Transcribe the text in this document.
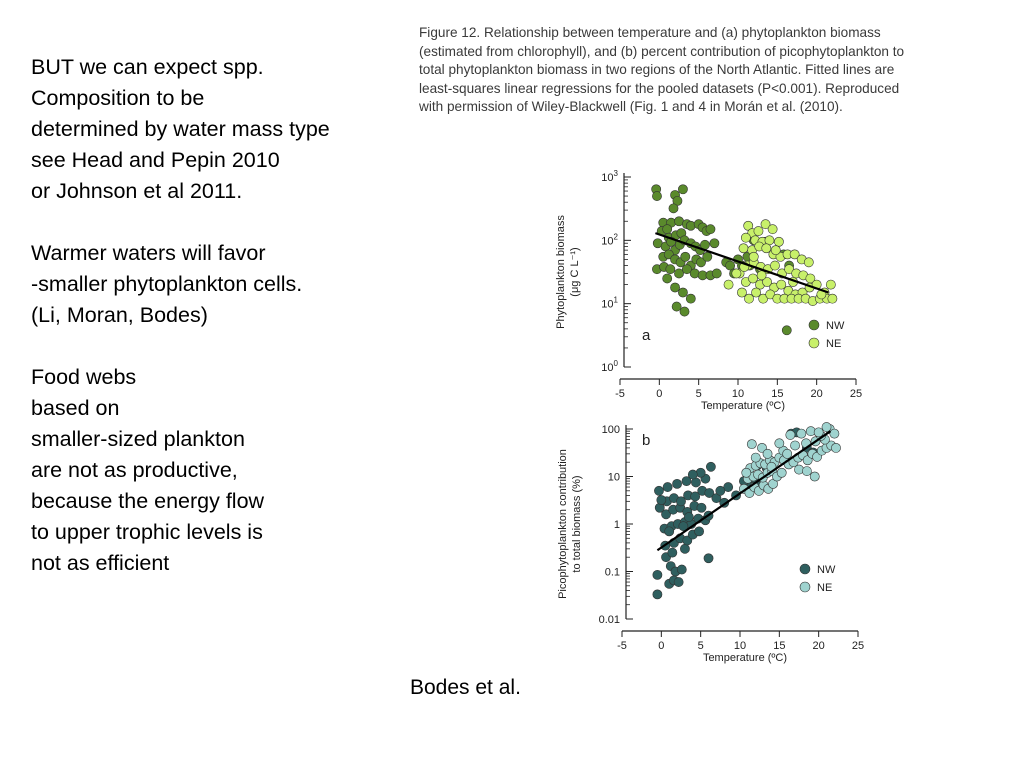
BUT we can expect spp.
Composition to be
determined by water mass type
see Head and Pepin 2010
or Johnson et al 2011.
Warmer waters will favor
-smaller phytoplankton cells.
(Li, Moran, Bodes)
Food webs
based on
smaller-sized plankton
are not as productive,
because the energy flow
to upper trophic levels is
not as efficient
Figure 12. Relationship between temperature and (a) phytoplankton biomass
(estimated from chlorophyll), and (b) percent contribution of picophytoplankton to
total phytoplankton biomass in two regions of the North Atlantic. Fitted lines are
least-squares linear regressions for the pooled datasets (P<0.001). Reproduced
with permission of Wiley-Blackwell (Fig. 1 and 4 in Morán et al. (2010).
$10^0$
$10^1$
$10^2$
$10^3$
-5	0	5	10 15 20 25
Temperature (ºC)
Phytoplankton biomass (μg C L⁻¹)
a
NW
NE
0.01
0.1
1
10
100
-5	0	5	10 15 20 25
Temperature (ºC)
Picophytoplankton contribution to total biomass (%)
b
NW
NE
Bodes et al.
